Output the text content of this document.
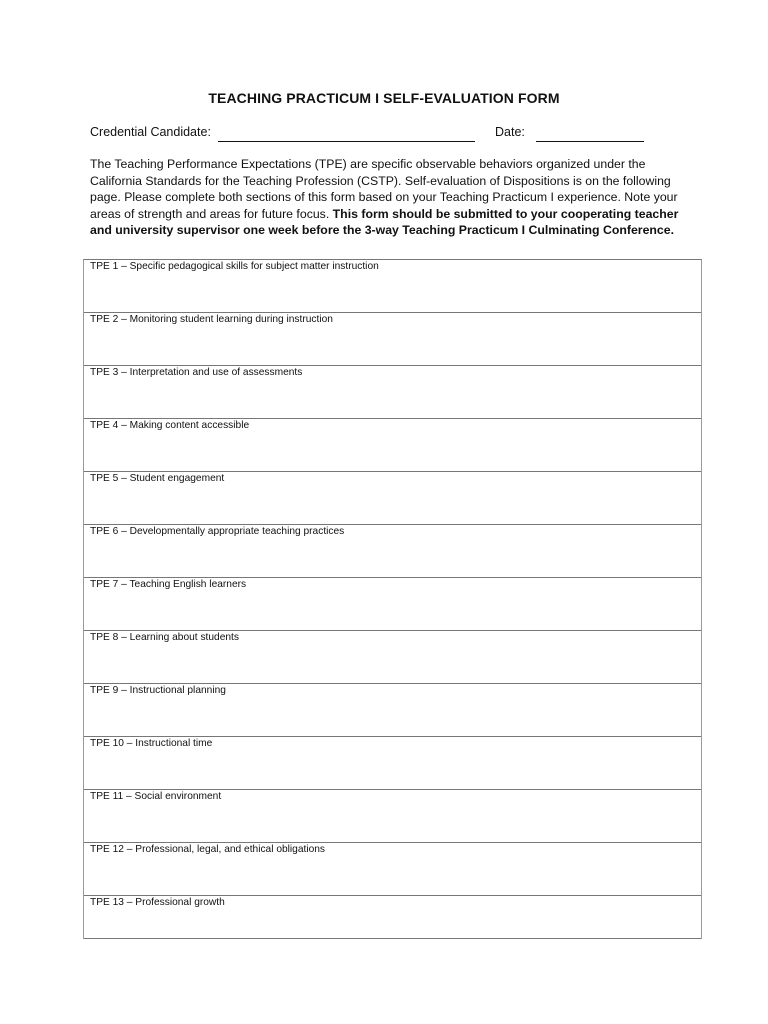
TEACHING PRACTICUM I SELF-EVALUATION FORM
Credential Candidate:	Date:
The Teaching Performance Expectations (TPE) are specific observable behaviors organized under the California Standards for the Teaching Profession (CSTP). Self-evaluation of Dispositions is on the following page. Please complete both sections of this form based on your Teaching Practicum I experience. Note your areas of strength and areas for future focus. This form should be submitted to your cooperating teacher and university supervisor one week before the 3-way Teaching Practicum I Culminating Conference.
TPE 1 – Specific pedagogical skills for subject matter instruction
TPE 2 – Monitoring student learning during instruction
TPE 3 – Interpretation and use of assessments
TPE 4 – Making content accessible
TPE 5 – Student engagement
TPE 6 – Developmentally appropriate teaching practices
TPE 7 – Teaching English learners
TPE 8 – Learning about students
TPE 9 – Instructional planning
TPE 10 – Instructional time
TPE 11 – Social environment
TPE 12 – Professional, legal, and ethical obligations
TPE 13 – Professional growth
